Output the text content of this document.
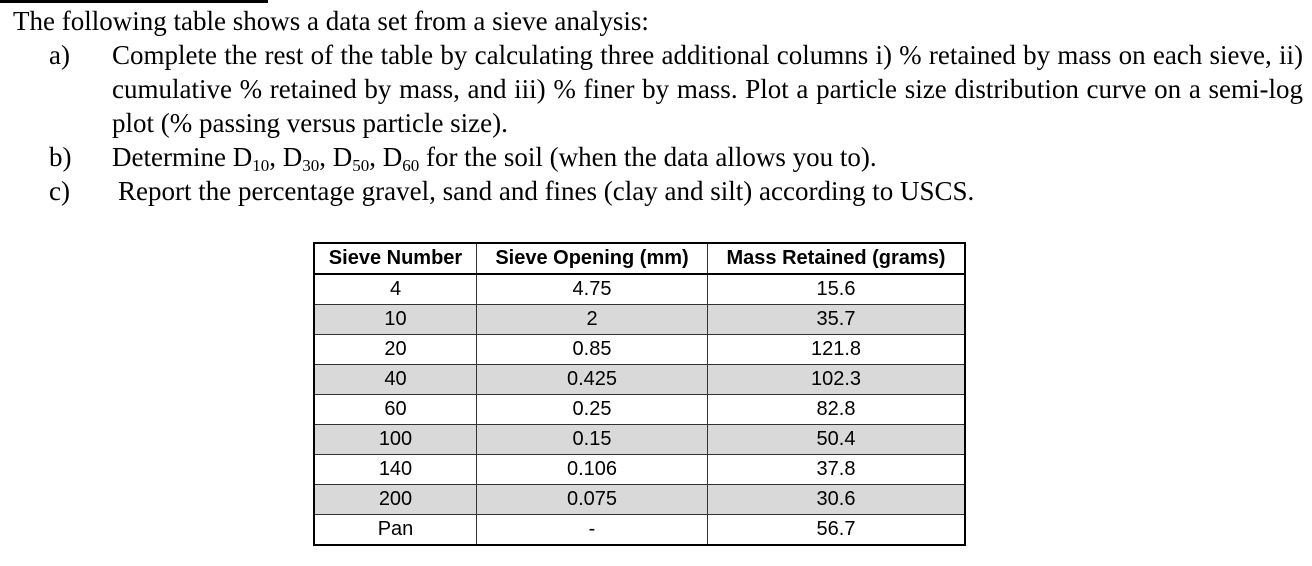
The following table shows a data set from a sieve analysis:

a)	Complete the rest of the table by calculating three additional columns i) % retained by mass on each sieve, ii) cumulative % retained by mass, and iii) % finer by mass. Plot a particle size distribution curve on a semi-log plot (% passing versus particle size).
b)	Determine $D_{10}$, $D_{30}$, $D_{50}$, $D_{60}$ for the soil (when the data allows you to).
c)	Report the percentage gravel, sand and fines (clay and silt) according to USCS.
Sieve Number	Sieve Opening (mm)	Mass Retained (grams)
4	4.75	15.6
10	2	35.7
20	0.85	121.8
40	0.425	102.3
60	0.25	82.8
100	0.15	50.4
140	0.106	37.8
200	0.075	30.6
Pan	-	56.7
